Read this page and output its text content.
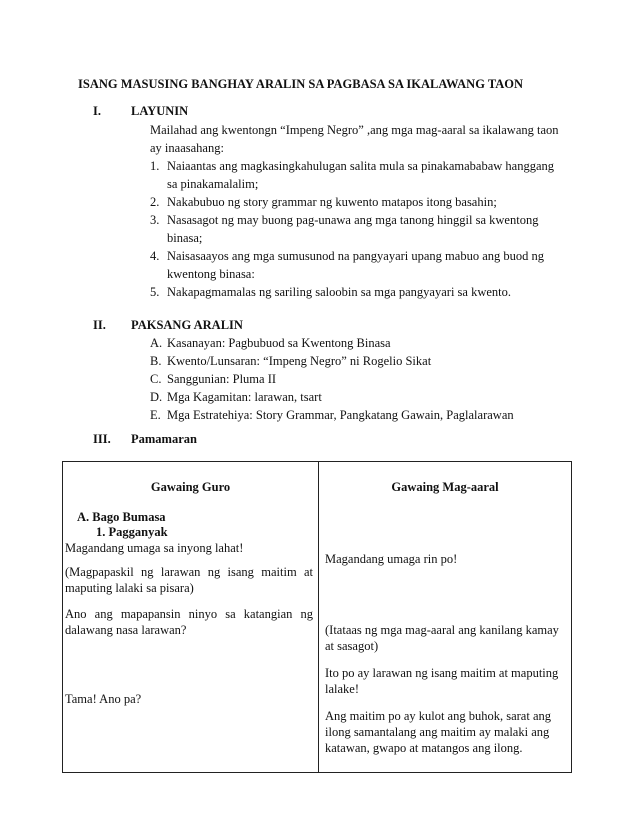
ISANG MASUSING BANGHAY ARALIN SA PAGBASA SA IKALAWANG TAON
I. LAYUNIN
Mailahad ang kwentongn “Impeng Negro” ,ang mga mag-aaral sa ikalawang taon ay inaasahang:
1. Naiaantas ang magkasingkahulugan salita mula sa pinakamababaw hanggang sa pinakamalalim;
2. Nakabubuo ng story grammar ng kuwento matapos itong basahin;
3. Nasasagot ng may buong pag-unawa ang mga tanong hinggil sa kwentong binasa;
4. Naisasaayos ang mga sumusunod na pangyayari upang mabuo ang buod ng kwentong binasa:
5. Nakapagmamalas ng sariling saloobin sa mga pangyayari sa kwento.
II. PAKSANG ARALIN
A. Kasanayan: Pagbubuod sa Kwentong Binasa
B. Kwento/Lunsaran: “Impeng Negro” ni Rogelio Sikat
C. Sanggunian: Pluma II
D. Mga Kagamitan: larawan, tsart
E. Mga Estratehiya: Story Grammar, Pangkatang Gawain, Paglalarawan
III. Pamamaran
Gawaing Guro	Gawaing Mag-aaral
A. Bago Bumasa
1. Pagganyak
Magandang umaga sa inyong lahat!
(Magpapaskil ng larawan ng isang maitim at maputing lalaki sa pisara)
Ano ang mapapansin ninyo sa katangian ng dalawang nasa larawan?
Tama! Ano pa?
Magandang umaga rin po!
(Itataas ng mga mag-aaral ang kanilang kamay at sasagot)
Ito po ay larawan ng isang maitim at maputing lalake!
Ang maitim po ay kulot ang buhok, sarat ang ilong samantalang ang maitim ay malaki ang katawan, gwapo at matangos ang ilong.
